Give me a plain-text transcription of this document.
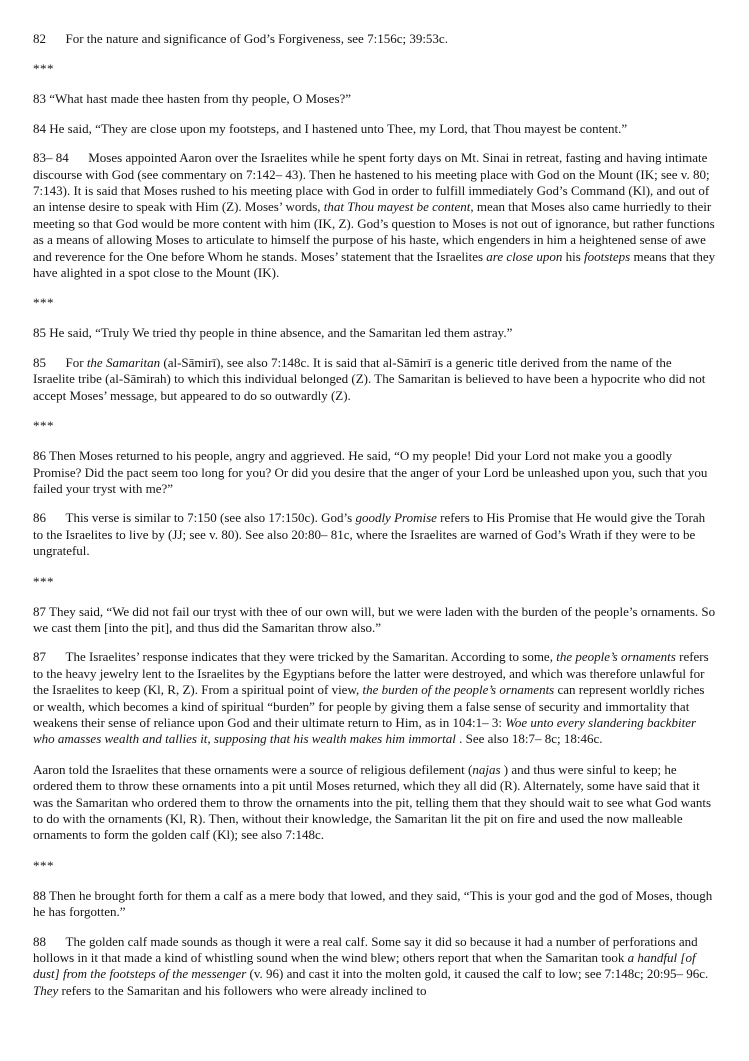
82   For the nature and significance of God’s Forgiveness, see 7:156c; 39:53c.

***

83 “What hast made thee hasten from thy people, O Moses?”

84 He said, “They are close upon my footsteps, and I hastened unto Thee, my Lord, that Thou mayest be content.”

83– 84   Moses appointed Aaron over the Israelites while he spent forty days on Mt. Sinai in retreat, fasting and having intimate discourse with God (see commentary on 7:142– 43). Then he hastened to his meeting place with God on the Mount (IK; see v. 80; 7:143). It is said that Moses rushed to his meeting place with God in order to fulfill immediately God’s Command (Kl), and out of an intense desire to speak with Him (Z). Moses’ words, that Thou mayest be content, mean that Moses also came hurriedly to their meeting so that God would be more content with him (IK, Z). God’s question to Moses is not out of ignorance, but rather functions as a means of allowing Moses to articulate to himself the purpose of his haste, which engenders in him a heightened sense of awe and reverence for the One before Whom he stands. Moses’ statement that the Israelites are close upon his footsteps means that they have alighted in a spot close to the Mount (IK).

***

85 He said, “Truly We tried thy people in thine absence, and the Samaritan led them astray.”

85   For the Samaritan (al-Sāmirī), see also 7:148c. It is said that al-Sāmirī is a generic title derived from the name of the Israelite tribe (al-Sāmirah) to which this individual belonged (Z). The Samaritan is believed to have been a hypocrite who did not accept Moses’ message, but appeared to do so outwardly (Z).

***

86 Then Moses returned to his people, angry and aggrieved. He said, “O my people! Did your Lord not make you a goodly Promise? Did the pact seem too long for you? Or did you desire that the anger of your Lord be unleashed upon you, such that you failed your tryst with me?”

86   This verse is similar to 7:150 (see also 17:150c). God’s goodly Promise refers to His Promise that He would give the Torah to the Israelites to live by (JJ; see v. 80). See also 20:80– 81c, where the Israelites are warned of God’s Wrath if they were to be ungrateful.

***

87 They said, “We did not fail our tryst with thee of our own will, but we were laden with the burden of the people’s ornaments. So we cast them [into the pit], and thus did the Samaritan throw also.”

87   The Israelites’ response indicates that they were tricked by the Samaritan. According to some, the people’s ornaments refers to the heavy jewelry lent to the Israelites by the Egyptians before the latter were destroyed, and which was therefore unlawful for the Israelites to keep (Kl, R, Z). From a spiritual point of view, the burden of the people’s ornaments can represent worldly riches or wealth, which becomes a kind of spiritual “burden” for people by giving them a false sense of security and immortality that weakens their sense of reliance upon God and their ultimate return to Him, as in 104:1– 3: Woe unto every slandering backbiter who amasses wealth and tallies it, supposing that his wealth makes him immortal . See also 18:7– 8c; 18:46c.

Aaron told the Israelites that these ornaments were a source of religious defilement (najas ) and thus were sinful to keep; he ordered them to throw these ornaments into a pit until Moses returned, which they all did (R). Alternately, some have said that it was the Samaritan who ordered them to throw the ornaments into the pit, telling them that they should wait to see what God wants to do with the ornaments (Kl, R). Then, without their knowledge, the Samaritan lit the pit on fire and used the now malleable ornaments to form the golden calf (Kl); see also 7:148c.

***

88 Then he brought forth for them a calf as a mere body that lowed, and they said, “This is your god and the god of Moses, though he has forgotten.”

88   The golden calf made sounds as though it were a real calf. Some say it did so because it had a number of perforations and hollows in it that made a kind of whistling sound when the wind blew; others report that when the Samaritan took a handful [of dust] from the footsteps of the messenger (v. 96) and cast it into the molten gold, it caused the calf to low; see 7:148c; 20:95– 96c. They refers to the Samaritan and his followers who were already inclined to
